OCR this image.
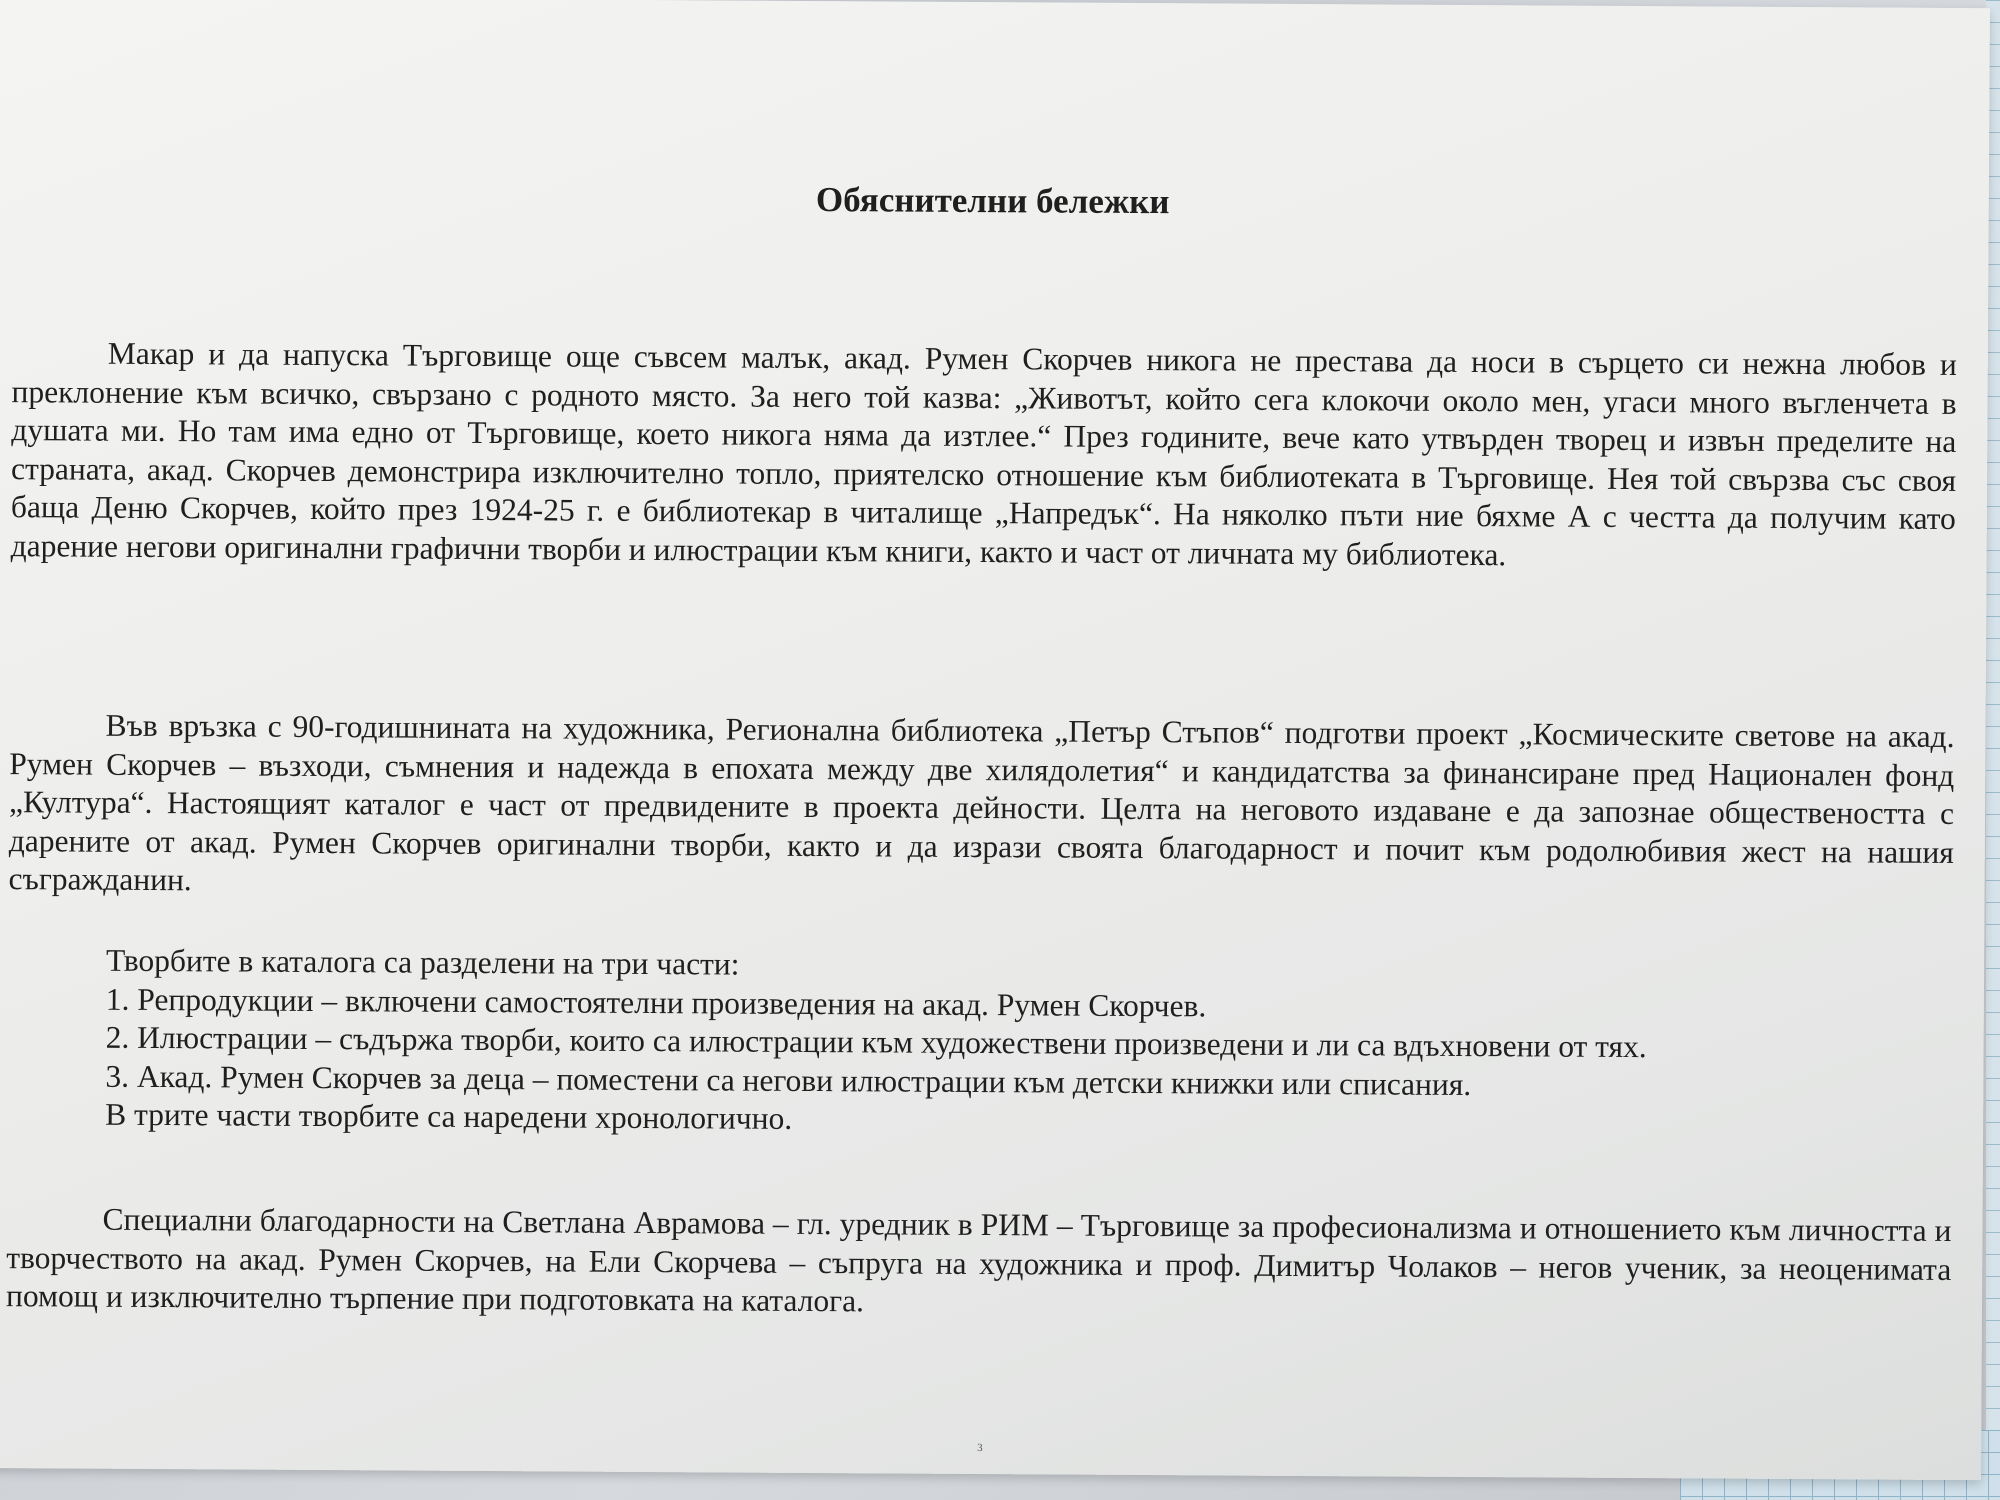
Обяснителни бележки

Макар и да напуска Търговище още съвсем малък, акад. Румен Скорчев никога не престава да носи в сърцето си нежна любов и преклонение към всичко, свързано с родното място. За него той казва: „Животът, който сега клокочи около мен, угаси много въгленчета в душата ми. Но там има едно от Търговище, което никога няма да изтлее.“ През годините, вече като утвърден творец и извън пределите на страната, акад. Скорчев демонстрира изключително топло, приятелско отношение към библиотеката в Търговище. Нея той свързва със своя баща Деню Скорчев, който през 1924-25 г. е библиотекар в читалище „Напредък“. На няколко пъти ние бяхме А с честта да получим като дарение негови оригинални графични творби и илюстрации към книги, както и част от личната му библиотека.

Във връзка с 90-годишнината на художника, Регионална библиотека „Петър Стъпов“ подготви проект „Космическите светове на акад. Румен Скорчев – възходи, съмнения и надежда в епохата между две хилядолетия“ и кандидатства за финансиране пред Национален фонд „Култура“. Настоящият каталог е част от предвидените в проекта дейности. Целта на неговото издаване е да запознае обществеността с дарените от акад. Румен Скорчев оригинални творби, както и да изрази своята благодарност и почит към родолюбивия жест на нашия съгражданин.

Творбите в каталога са разделени на три части:
1. Репродукции – включени самостоятелни произведения на акад. Румен Скорчев.
2. Илюстрации – съдържа творби, които са илюстрации към художествени произведени и ли са вдъхновени от тях.
3. Акад. Румен Скорчев за деца – поместени са негови илюстрации към детски книжки или списания.
В трите части творбите са наредени хронологично.

Специални благодарности на Светлана Аврамова – гл. уредник в РИМ – Търговище за професионализма и отношението към личността и творчеството на акад. Румен Скорчев, на Ели Скорчева – съпруга на художника и проф. Димитър Чолаков – негов ученик, за неоценимата помощ и изключително търпение при подготовката на каталога.

3
